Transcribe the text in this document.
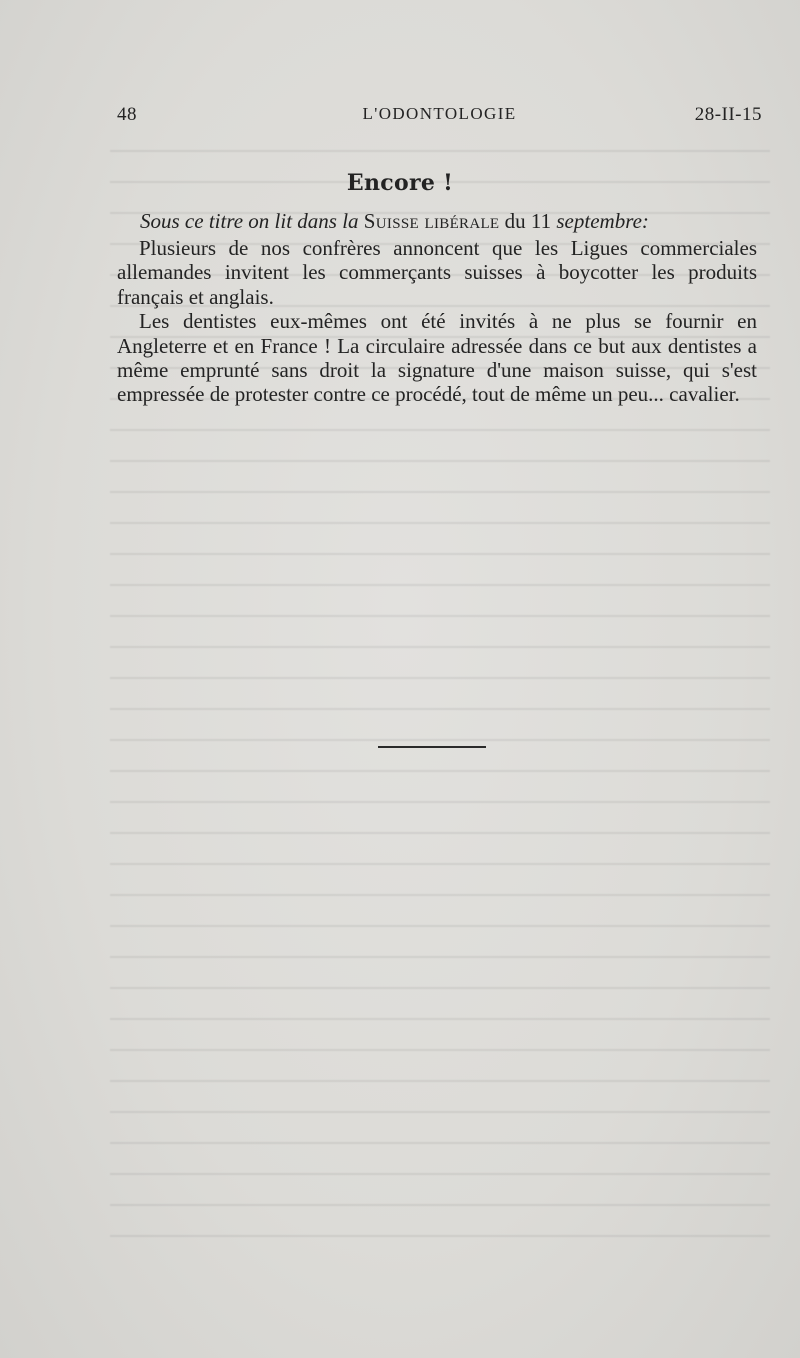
48	L'ODONTOLOGIE	28-II-15
Encore !
Sous ce titre on lit dans la Suisse libérale du 11 septembre:

Plusieurs de nos confrères annoncent que les Ligues commerciales allemandes invitent les commerçants suisses à boycotter les produits français et anglais.

Les dentistes eux-mêmes ont été invités à ne plus se fournir en Angleterre et en France ! La circulaire adressée dans ce but aux dentistes a même emprunté sans droit la signature d'une maison suisse, qui s'est empressée de protester contre ce procédé, tout de même un peu... cavalier.
